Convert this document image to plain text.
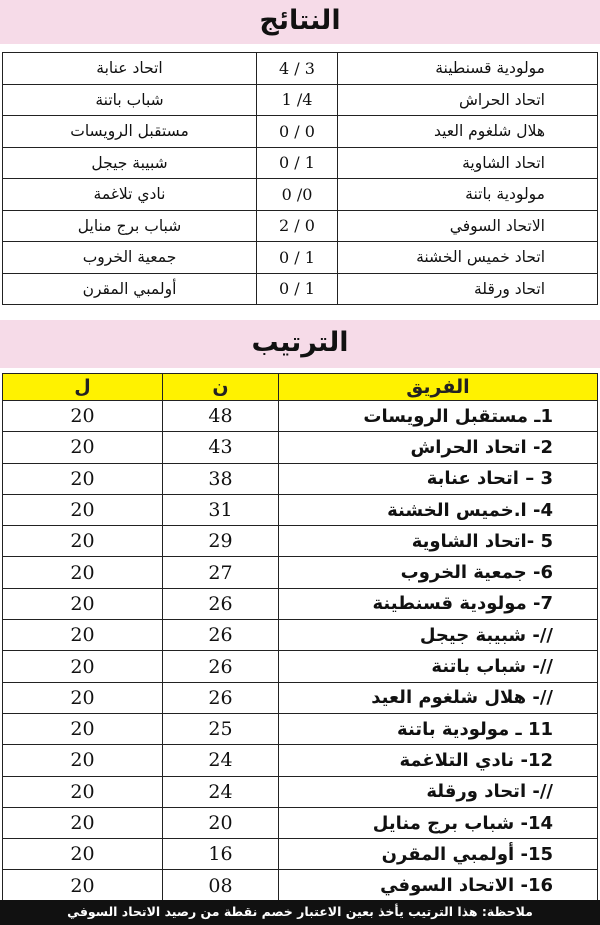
النتائج
مولودية قسنطينة	4 / 3	اتحاد عنابة
اتحاد الحراش	1 /4	شباب باتنة
هلال شلغوم العيد	0 / 0	مستقبل الرويسات
اتحاد الشاوية	0 / 1	شبيبة جيجل
مولودية باتنة	0 /0	نادي تلاغمة
الاتحاد السوفي	2 / 0	شباب برج منايل
اتحاد خميس الخشنة	0 / 1	جمعية الخروب
اتحاد ورقلة	0 / 1	أولمبي المقرن
الترتيب
ل	ن	الفريق
20	48	1ـ مستقبل الرويسات
20	43	2- اتحاد الحراش
20	38	3 – اتحاد عنابة
20	31	4- ا.خميس الخشنة
20	29	5 -اتحاد الشاوية
20	27	6- جمعية الخروب
20	26	7- مولودية قسنطينة
20	26	//- شبيبة جيجل
20	26	//- شباب باتنة
20	26	//- هلال شلغوم العيد
20	25	11 ـ مولودية باتنة
20	24	12- نادي التلاغمة
20	24	//- اتحاد ورقلة
20	20	14- شباب برج منايل
20	16	15- أولمبي المقرن
20	08	16- الاتحاد السوفي
ملاحظة: هذا الترتيب يأخذ بعين الاعتبار خصم نقطة من رصيد الاتحاد السوفي
